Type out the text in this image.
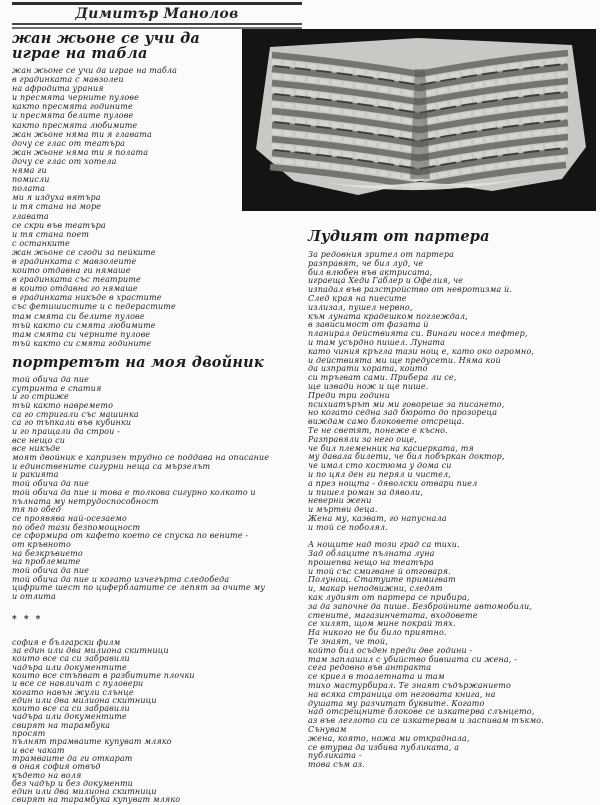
Димитър Манолов
жан жьоне се учи да играе на табла
жан жьоне се учи да играе на табла
в градинката с мавзолеи
на афродита урания
и пресмята черните пулове
както пресмята годините
и пресмята белите пулове
както пресмята любимите
жан жьоне няма ти я главата
дочу се глас от театъра
жан жьоне няма ти я полата
дочу се глас от хотела
няма ги
помисли
полата
ми я издуха вятъра
и тя стана на море
главата
се скри във театъра
и тя стана поет
с останките
жан жьоне се сгоди за пейките
в градинката с мавзолеите
които отдавна ги нямаше
в градинката със театрите
в които отдавна го нямаше
в градинката никъде в храстите
със фетишистите и с педерастите
там смята си белите пулове
тъй както си смята любимите
там смята си черните пулове
тъй както си смята годините
портретът на моя двойник
той обича да пие
сутринта е спатия
и го стриже
тъй както навремето
са го стригали със машинка
са го тъпкали във кубинки
и го пращали да строи -
все нещо си
все никъде
моят двойник е капризен трудно се поддава на описание
и единствените сигурни неща са мързелът
и ракията
той обича да пие
той обича да пие и това е толкова сигурно колкото и
пълната му нетрудоспособност
тя по обед
се проявява най-осезаемо
по обед тази безпомощност
се сформира от кафето което се спуска по вените -
от кръвното
на безкръвието
на проблемите
той обича да пие
той обича да пие и когато изчегърта следобеда
цифрите шест по циферблатите се лепят за очите му
и отлита
* * *
софия е български филм
за един или два милиона скитници
които все са си забравили
чадъра или документите
които все стъпват в разбитите плочки
и все се навличат с пуловери
когато навън жули слънце
един или два милиона скитници
които все са си забравили
чадъра или документите
свирят на тарамбука
просят
пълнят трамваите купуват мляко
и все чакат
трамваите да ги откарат
в оная софия отвъд
където на воля
без чадър и без документи
един или два милиона скитници
свирят на тарамбука купуват мляко
Лудият от партера
За редовния зрител от партера
разправят, че бил луд, че
бил влюбен във актрисата,
играеща Хеди Габлер и Офелия, че
изпадал във разстройство от невротизма й.
След края на пиесите
излизал, пушел нервно,
към луната крадешком поглеждал,
в зависимост от фазата й
планирал действията си. Винаги носел тефтер,
и там усърдно пишел. Луната
като чиния кръгла тази нощ е, като око огромно,
и действията ми ще предусети. Няма кой
да изпрати хората, които
си тръгват сами. Прибера ли се,
ще извади нож и ще пише.
Преди три години
психиатърът ми ми говореше за писането,
но когато седна зад бюрото до прозореца
виждам само блоковете отсреща.
Те не светят, понеже е късно.
Разправяли за него още,
че бил племенник на касиерката, тя
му давала билети, че бил побъркан доктор,
че имал сто костюма у дома си
и по цял ден ги перял и чистел,
а през нощта - дяволски отвари пиел
и пишел роман за дяволи,
неверни жени
и мъртви деца.
Жена му, казват, го напуснала
и той се поболял.

А нощите над този град са тихи.
Зад облаците пълната луна
прошепва нещо на театъра
и той със смигване й отговаря.
Полунощ. Статуите примигват
и, макар неподвижни, следят
как лудият от партера се прибира,
за да започне да пише. Безбройните автомобили,
стените, магазинчетата, входовете
се хилят, щом мине покрай тях.
На никого не би било приятно.
Те знаят, че той,
който бил осъден преди две години -
там заплашил с убийство бившата си жена, -
сега редовно във антракта
се криел в тоалетната и там
тихо мастурбирал. Те знаят съдържанието
на всяка страница от неговата книга, на
душата му разчитат буквите. Когато
над отсрещните блокове се изкатерва слънцето,
аз във леглото си се изкатервам и заспивам тъкмо.
Сънувам
жена, която, ножа ми откраднала,
се втурва да избива публиката, а
публиката -
това съм аз.
